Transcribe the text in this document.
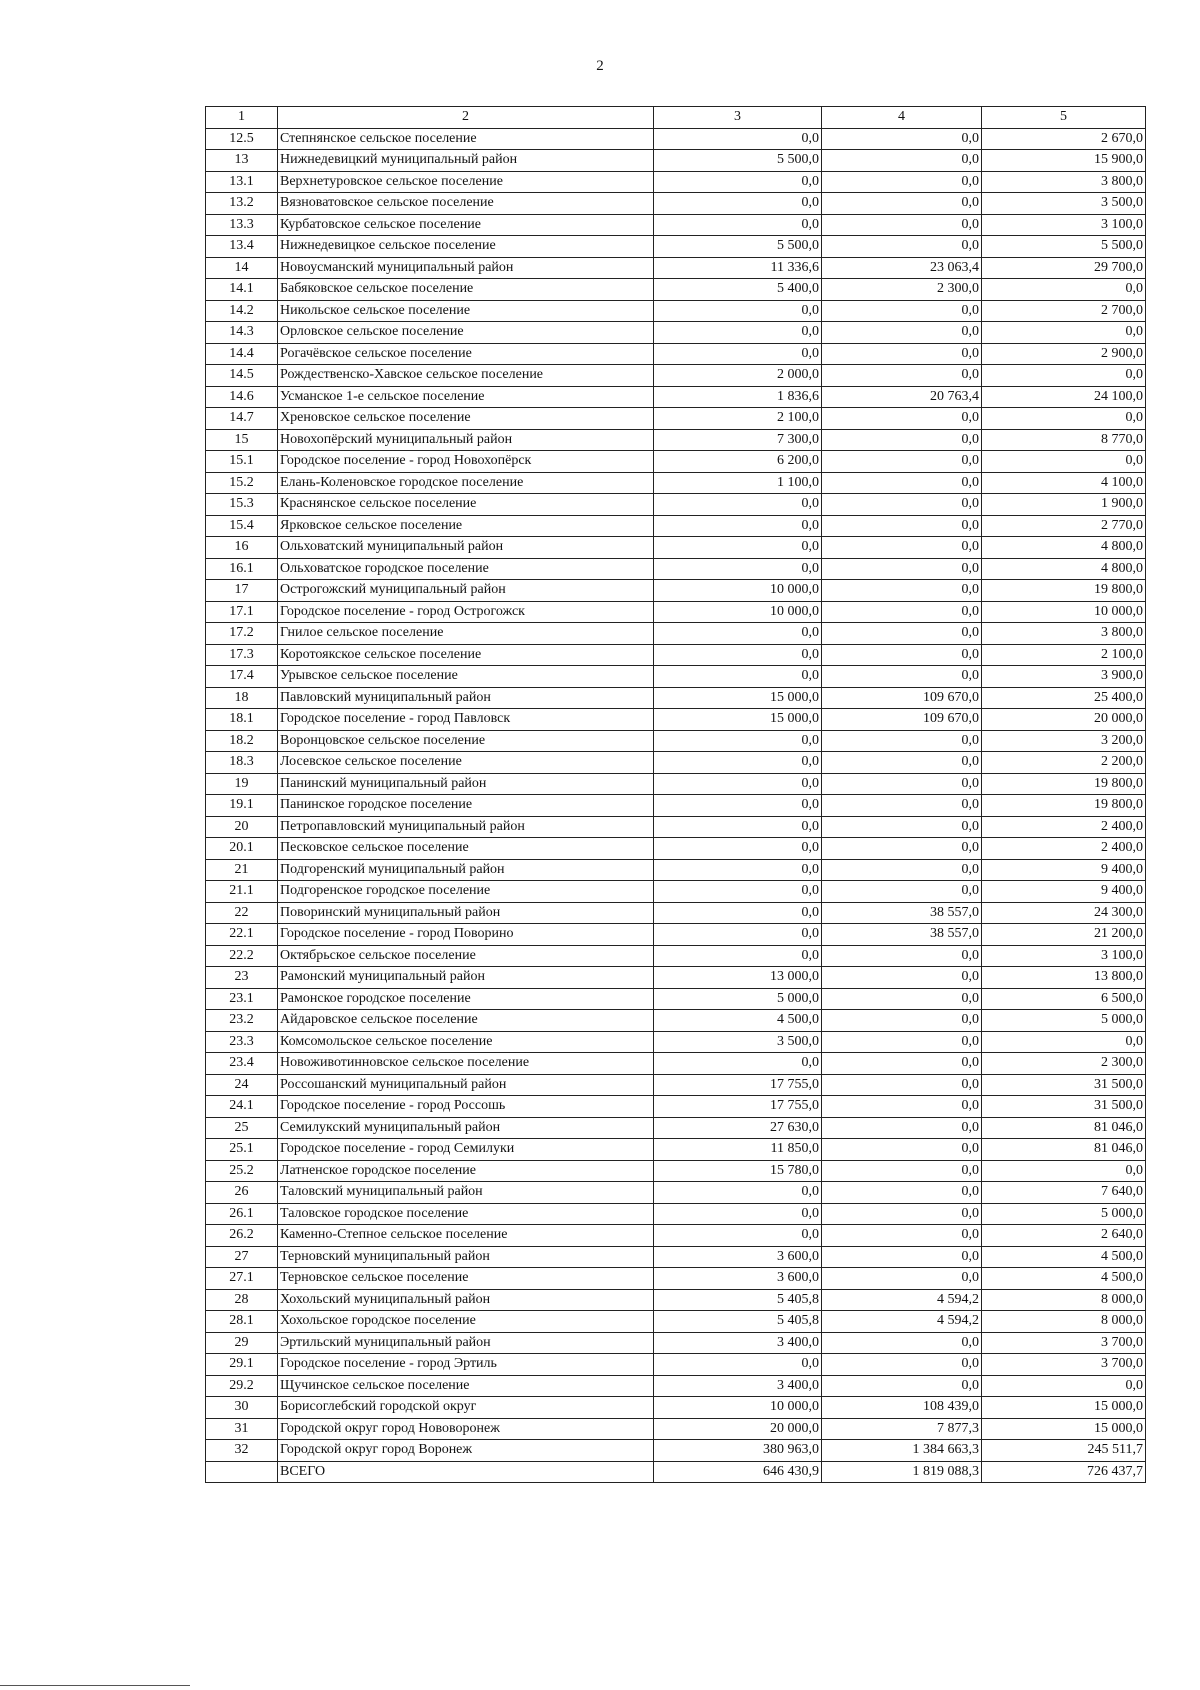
2
1	2	3	4	5
12.5	Степнянское сельское поселение	0,0	0,0	2 670,0
13	Нижнедевицкий муниципальный район	5 500,0	0,0	15 900,0
13.1	Верхнетуровское сельское поселение	0,0	0,0	3 800,0
13.2	Вязноватовское сельское поселение	0,0	0,0	3 500,0
13.3	Курбатовское сельское поселение	0,0	0,0	3 100,0
13.4	Нижнедевицкое сельское поселение	5 500,0	0,0	5 500,0
14	Новоусманский муниципальный район	11 336,6	23 063,4	29 700,0
14.1	Бабяковское сельское поселение	5 400,0	2 300,0	0,0
14.2	Никольское сельское поселение	0,0	0,0	2 700,0
14.3	Орловское сельское поселение	0,0	0,0	0,0
14.4	Рогачёвское сельское поселение	0,0	0,0	2 900,0
14.5	Рождественско-Хавское сельское поселение	2 000,0	0,0	0,0
14.6	Усманское 1-е сельское поселение	1 836,6	20 763,4	24 100,0
14.7	Хреновское сельское поселение	2 100,0	0,0	0,0
15	Новохопёрский муниципальный район	7 300,0	0,0	8 770,0
15.1	Городское поселение - город Новохопёрск	6 200,0	0,0	0,0
15.2	Елань-Коленовское городское поселение	1 100,0	0,0	4 100,0
15.3	Краснянское сельское поселение	0,0	0,0	1 900,0
15.4	Ярковское сельское поселение	0,0	0,0	2 770,0
16	Ольховатский муниципальный район	0,0	0,0	4 800,0
16.1	Ольховатское городское поселение	0,0	0,0	4 800,0
17	Острогожский муниципальный район	10 000,0	0,0	19 800,0
17.1	Городское поселение - город Острогожск	10 000,0	0,0	10 000,0
17.2	Гнилое сельское поселение	0,0	0,0	3 800,0
17.3	Коротоякское сельское поселение	0,0	0,0	2 100,0
17.4	Урывское сельское поселение	0,0	0,0	3 900,0
18	Павловский муниципальный район	15 000,0	109 670,0	25 400,0
18.1	Городское поселение - город Павловск	15 000,0	109 670,0	20 000,0
18.2	Воронцовское сельское поселение	0,0	0,0	3 200,0
18.3	Лосевское сельское поселение	0,0	0,0	2 200,0
19	Панинский муниципальный район	0,0	0,0	19 800,0
19.1	Панинское городское поселение	0,0	0,0	19 800,0
20	Петропавловский муниципальный район	0,0	0,0	2 400,0
20.1	Песковское сельское поселение	0,0	0,0	2 400,0
21	Подгоренский муниципальный район	0,0	0,0	9 400,0
21.1	Подгоренское городское поселение	0,0	0,0	9 400,0
22	Поворинский муниципальный район	0,0	38 557,0	24 300,0
22.1	Городское поселение - город Поворино	0,0	38 557,0	21 200,0
22.2	Октябрьское сельское поселение	0,0	0,0	3 100,0
23	Рамонский муниципальный район	13 000,0	0,0	13 800,0
23.1	Рамонское городское поселение	5 000,0	0,0	6 500,0
23.2	Айдаровское сельское поселение	4 500,0	0,0	5 000,0
23.3	Комсомольское сельское поселение	3 500,0	0,0	0,0
23.4	Новоживотинновское сельское поселение	0,0	0,0	2 300,0
24	Россошанский муниципальный район	17 755,0	0,0	31 500,0
24.1	Городское поселение - город Россошь	17 755,0	0,0	31 500,0
25	Семилукский муниципальный район	27 630,0	0,0	81 046,0
25.1	Городское поселение - город Семилуки	11 850,0	0,0	81 046,0
25.2	Латненское городское поселение	15 780,0	0,0	0,0
26	Таловский муниципальный район	0,0	0,0	7 640,0
26.1	Таловское городское поселение	0,0	0,0	5 000,0
26.2	Каменно-Степное сельское поселение	0,0	0,0	2 640,0
27	Терновский муниципальный район	3 600,0	0,0	4 500,0
27.1	Терновское сельское поселение	3 600,0	0,0	4 500,0
28	Хохольский муниципальный район	5 405,8	4 594,2	8 000,0
28.1	Хохольское городское поселение	5 405,8	4 594,2	8 000,0
29	Эртильский муниципальный район	3 400,0	0,0	3 700,0
29.1	Городское поселение - город Эртиль	0,0	0,0	3 700,0
29.2	Щучинское сельское поселение	3 400,0	0,0	0,0
30	Борисоглебский городской округ	10 000,0	108 439,0	15 000,0
31	Городской округ город Нововоронеж	20 000,0	7 877,3	15 000,0
32	Городской округ город Воронеж	380 963,0	1 384 663,3	245 511,7
	ВСЕГО	646 430,9	1 819 088,3	726 437,7
